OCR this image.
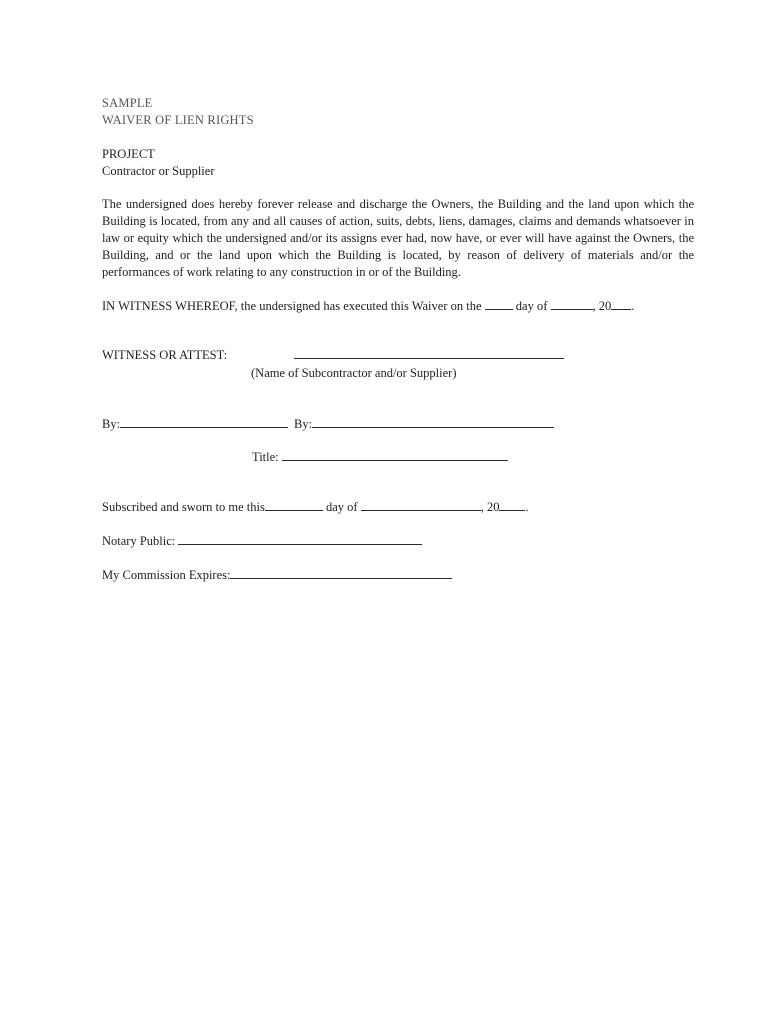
SAMPLE
WAIVER OF LIEN RIGHTS
PROJECT
Contractor or Supplier
The undersigned does hereby forever release and discharge the Owners, the Building and the land upon which the Building is located, from any and all causes of action, suits, debts, liens, damages, claims and demands whatsoever in law or equity which the undersigned and/or its assigns ever had, now have, or ever will have against the Owners, the Building, and or the land upon which the Building is located, by reason of delivery of materials and/or the performances of work relating to any construction in or of the Building.
IN WITNESS WHEREOF, the undersigned has executed this Waiver on the	day of	, 20 .
WITNESS OR ATTEST:
(Name of Subcontractor and/or Supplier)
By:	By:
Title:
Subscribed and sworn to me this	day of	, 20 .
Notary Public:
My Commission Expires:
